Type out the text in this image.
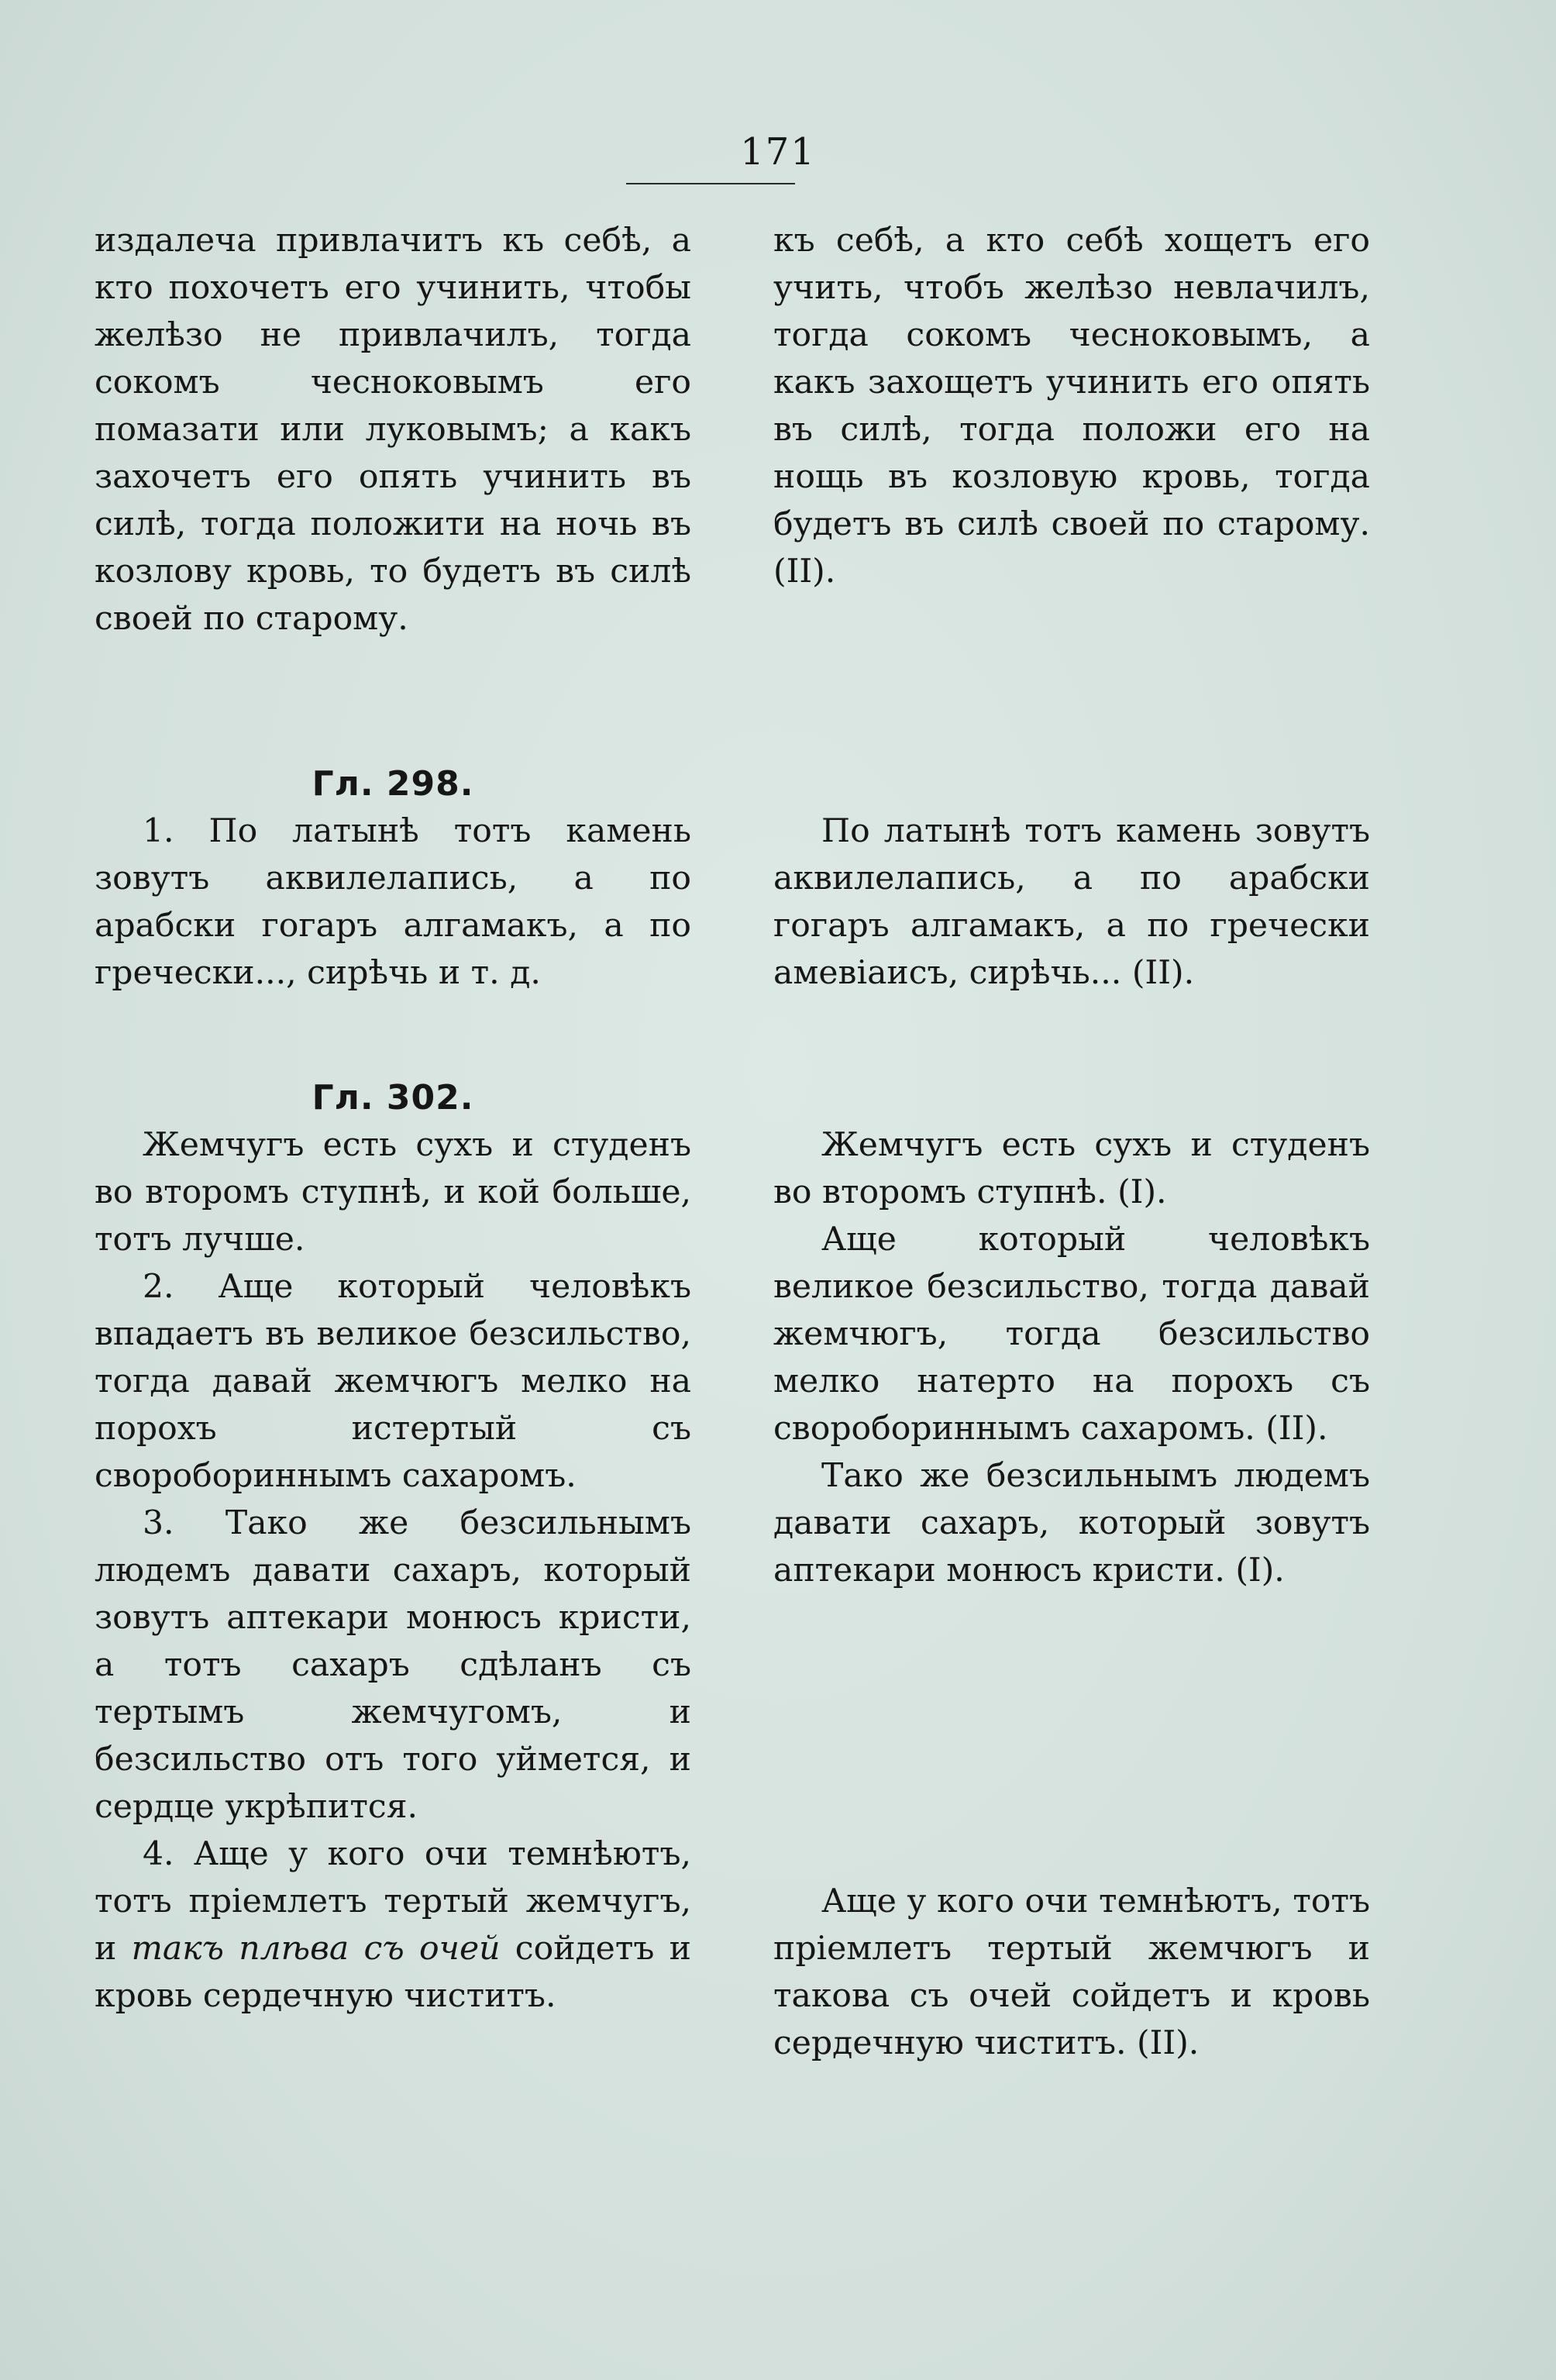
171

издалеча привлачитъ къ себѣ, а кто похочетъ его учинить, чтобы желѣзо не привлачилъ, тогда сокомъ чесноковымъ его помазати или луковымъ; а какъ захочетъ его опять учинить въ силѣ, тогда положити на ночь въ козлову кровь, то будетъ въ силѣ своей по старому.

Гл. 298.

1. По латынѣ тотъ камень зовутъ аквилелапись, а по арабски гогаръ алгамакъ, а по гречески..., сирѣчь и т. д.

Гл. 302.

Жемчугъ есть сухъ и студенъ во второмъ ступнѣ, и кой больше, тотъ лучше.

2. Аще который человѣкъ впадаетъ въ великое безсильство, тогда давай жемчюгъ мелко на порохъ истертый съ своробориннымъ сахаромъ.

3. Тако же безсильнымъ людемъ давати сахаръ, который зовутъ аптекари монюсъ кристи, а тотъ сахаръ сдѣланъ съ тертымъ жемчугомъ, и безсильство отъ того уймется, и сердце укрѣпится.

4. Аще у кого очи темнѣютъ, тотъ пріемлетъ тертый жемчугъ, и такъ плѣва съ очей сойдетъ и кровь сердечную чиститъ.

къ себѣ, а кто себѣ хощетъ его учить, чтобъ желѣзо невлачилъ, тогда сокомъ чесноковымъ, а какъ захощетъ учинить его опять въ силѣ, тогда положи его на нощь въ козловую кровь, тогда будетъ въ силѣ своей по старому. (II).

По латынѣ тотъ камень зовутъ аквилелапись, а по арабски гогаръ алгамакъ, а по гречески амевіаисъ, сирѣчь... (II).

Жемчугъ есть сухъ и студенъ во второмъ ступнѣ. (I).

Аще который человѣкъ великое безсильство, тогда давай жемчюгъ, тогда безсильство мелко натерто на порохъ съ своробориннымъ сахаромъ. (II).

Тако же безсильнымъ людемъ давати сахаръ, который зовутъ аптекари монюсъ кристи. (I).

Аще у кого очи темнѣютъ, тотъ пріемлетъ тертый жемчюгъ и такова съ очей сойдетъ и кровь сердечную чиститъ. (II).
